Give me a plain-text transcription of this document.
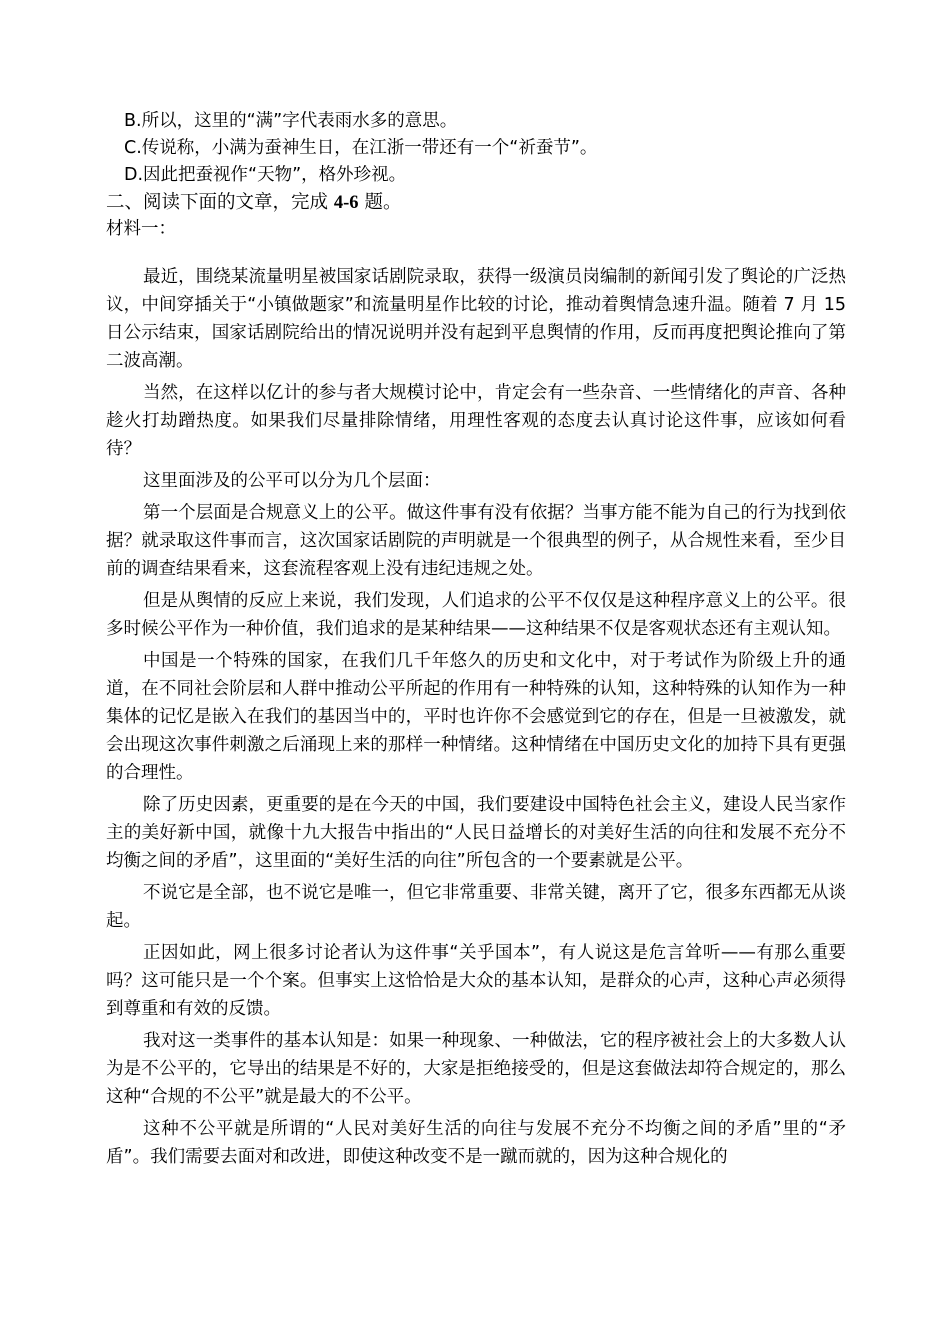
B.所以，这里的“满”字代表雨水多的意思。
C.传说称，小满为蚕神生日，在江浙一带还有一个“祈蚕节”。
D.因此把蚕视作“天物”，格外珍视。
二、阅读下面的文章，完成 4-6 题。
材料一：

最近，围绕某流量明星被国家话剧院录取，获得一级演员岗编制的新闻引发了舆论的广泛热议，中间穿插关于“小镇做题家”和流量明星作比较的讨论，推动着舆情急速升温。随着 7 月 15 日公示结束，国家话剧院给出的情况说明并没有起到平息舆情的作用，反而再度把舆论推向了第二波高潮。

当然，在这样以亿计的参与者大规模讨论中，肯定会有一些杂音、一些情绪化的声音、各种趁火打劫蹭热度。如果我们尽量排除情绪，用理性客观的态度去认真讨论这件事，应该如何看待？

这里面涉及的公平可以分为几个层面：

第一个层面是合规意义上的公平。做这件事有没有依据？当事方能不能为自己的行为找到依据？就录取这件事而言，这次国家话剧院的声明就是一个很典型的例子，从合规性来看，至少目前的调查结果看来，这套流程客观上没有违纪违规之处。

但是从舆情的反应上来说，我们发现，人们追求的公平不仅仅是这种程序意义上的公平。很多时候公平作为一种价值，我们追求的是某种结果——这种结果不仅是客观状态还有主观认知。

中国是一个特殊的国家，在我们几千年悠久的历史和文化中，对于考试作为阶级上升的通道，在不同社会阶层和人群中推动公平所起的作用有一种特殊的认知，这种特殊的认知作为一种集体的记忆是嵌入在我们的基因当中的，平时也许你不会感觉到它的存在，但是一旦被激发，就会出现这次事件刺激之后涌现上来的那样一种情绪。这种情绪在中国历史文化的加持下具有更强的合理性。

除了历史因素，更重要的是在今天的中国，我们要建设中国特色社会主义，建设人民当家作主的美好新中国，就像十九大报告中指出的“人民日益增长的对美好生活的向往和发展不充分不均衡之间的矛盾”，这里面的“美好生活的向往”所包含的一个要素就是公平。

不说它是全部，也不说它是唯一，但它非常重要、非常关键，离开了它，很多东西都无从谈起。

正因如此，网上很多讨论者认为这件事“关乎国本”，有人说这是危言耸听——有那么重要吗？这可能只是一个个案。但事实上这恰恰是大众的基本认知，是群众的心声，这种心声必须得到尊重和有效的反馈。

我对这一类事件的基本认知是：如果一种现象、一种做法，它的程序被社会上的大多数人认为是不公平的，它导出的结果是不好的，大家是拒绝接受的，但是这套做法却符合规定的，那么这种“合规的不公平”就是最大的不公平。

这种不公平就是所谓的“人民对美好生活的向往与发展不充分不均衡之间的矛盾”里的“矛盾”。我们需要去面对和改进，即使这种改变不是一蹴而就的，因为这种合规化的
